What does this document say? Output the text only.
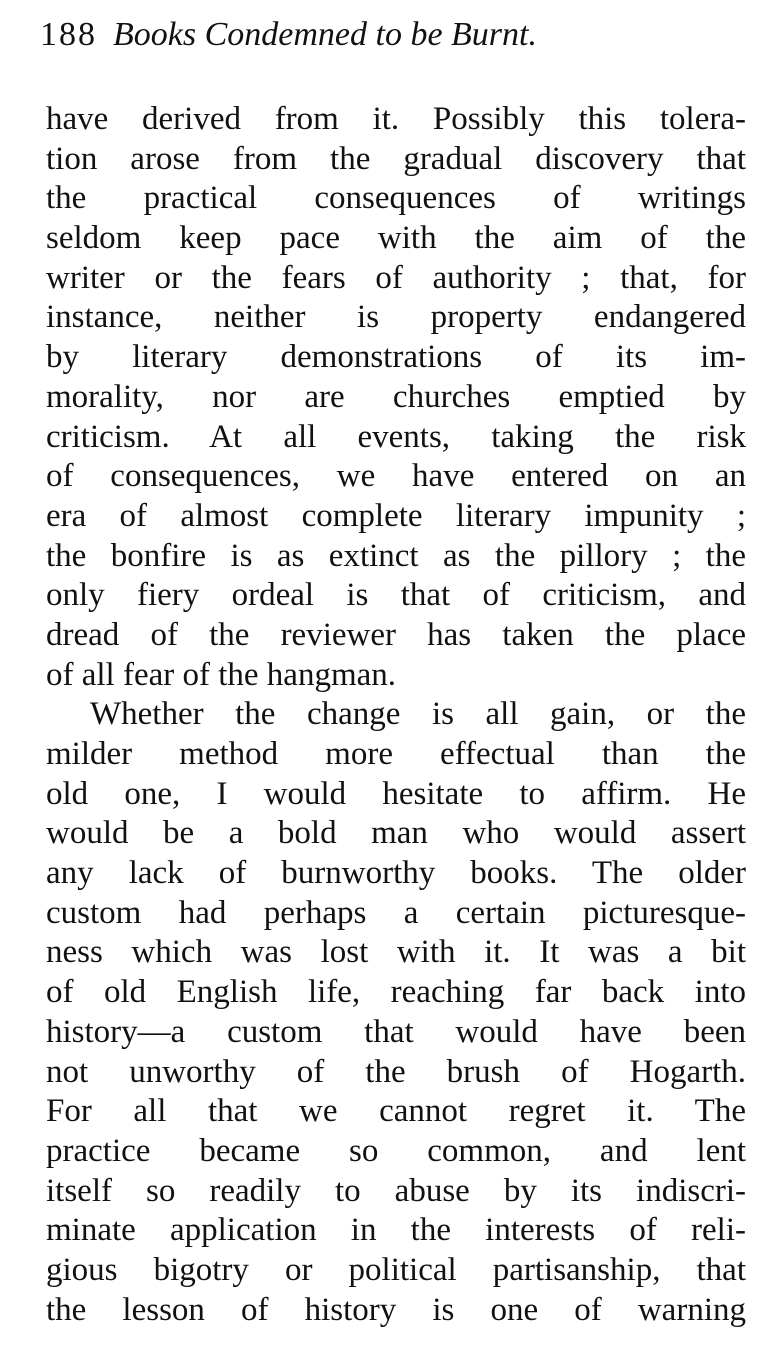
188 Books Condemned to be Burnt.
have derived from it. Possibly this tolera-
tion arose from the gradual discovery that
the practical consequences of writings
seldom keep pace with the aim of the
writer or the fears of authority ; that, for
instance, neither is property endangered
by literary demonstrations of its im-
morality, nor are churches emptied by
criticism. At all events, taking the risk
of consequences, we have entered on an
era of almost complete literary impunity ;
the bonfire is as extinct as the pillory ; the
only fiery ordeal is that of criticism, and
dread of the reviewer has taken the place
of all fear of the hangman.
Whether the change is all gain, or the
milder method more effectual than the
old one, I would hesitate to affirm. He
would be a bold man who would assert
any lack of burnworthy books. The older
custom had perhaps a certain picturesque-
ness which was lost with it. It was a bit
of old English life, reaching far back into
history—a custom that would have been
not unworthy of the brush of Hogarth.
For all that we cannot regret it. The
practice became so common, and lent
itself so readily to abuse by its indiscri-
minate application in the interests of reli-
gious bigotry or political partisanship, that
the lesson of history is one of warning
